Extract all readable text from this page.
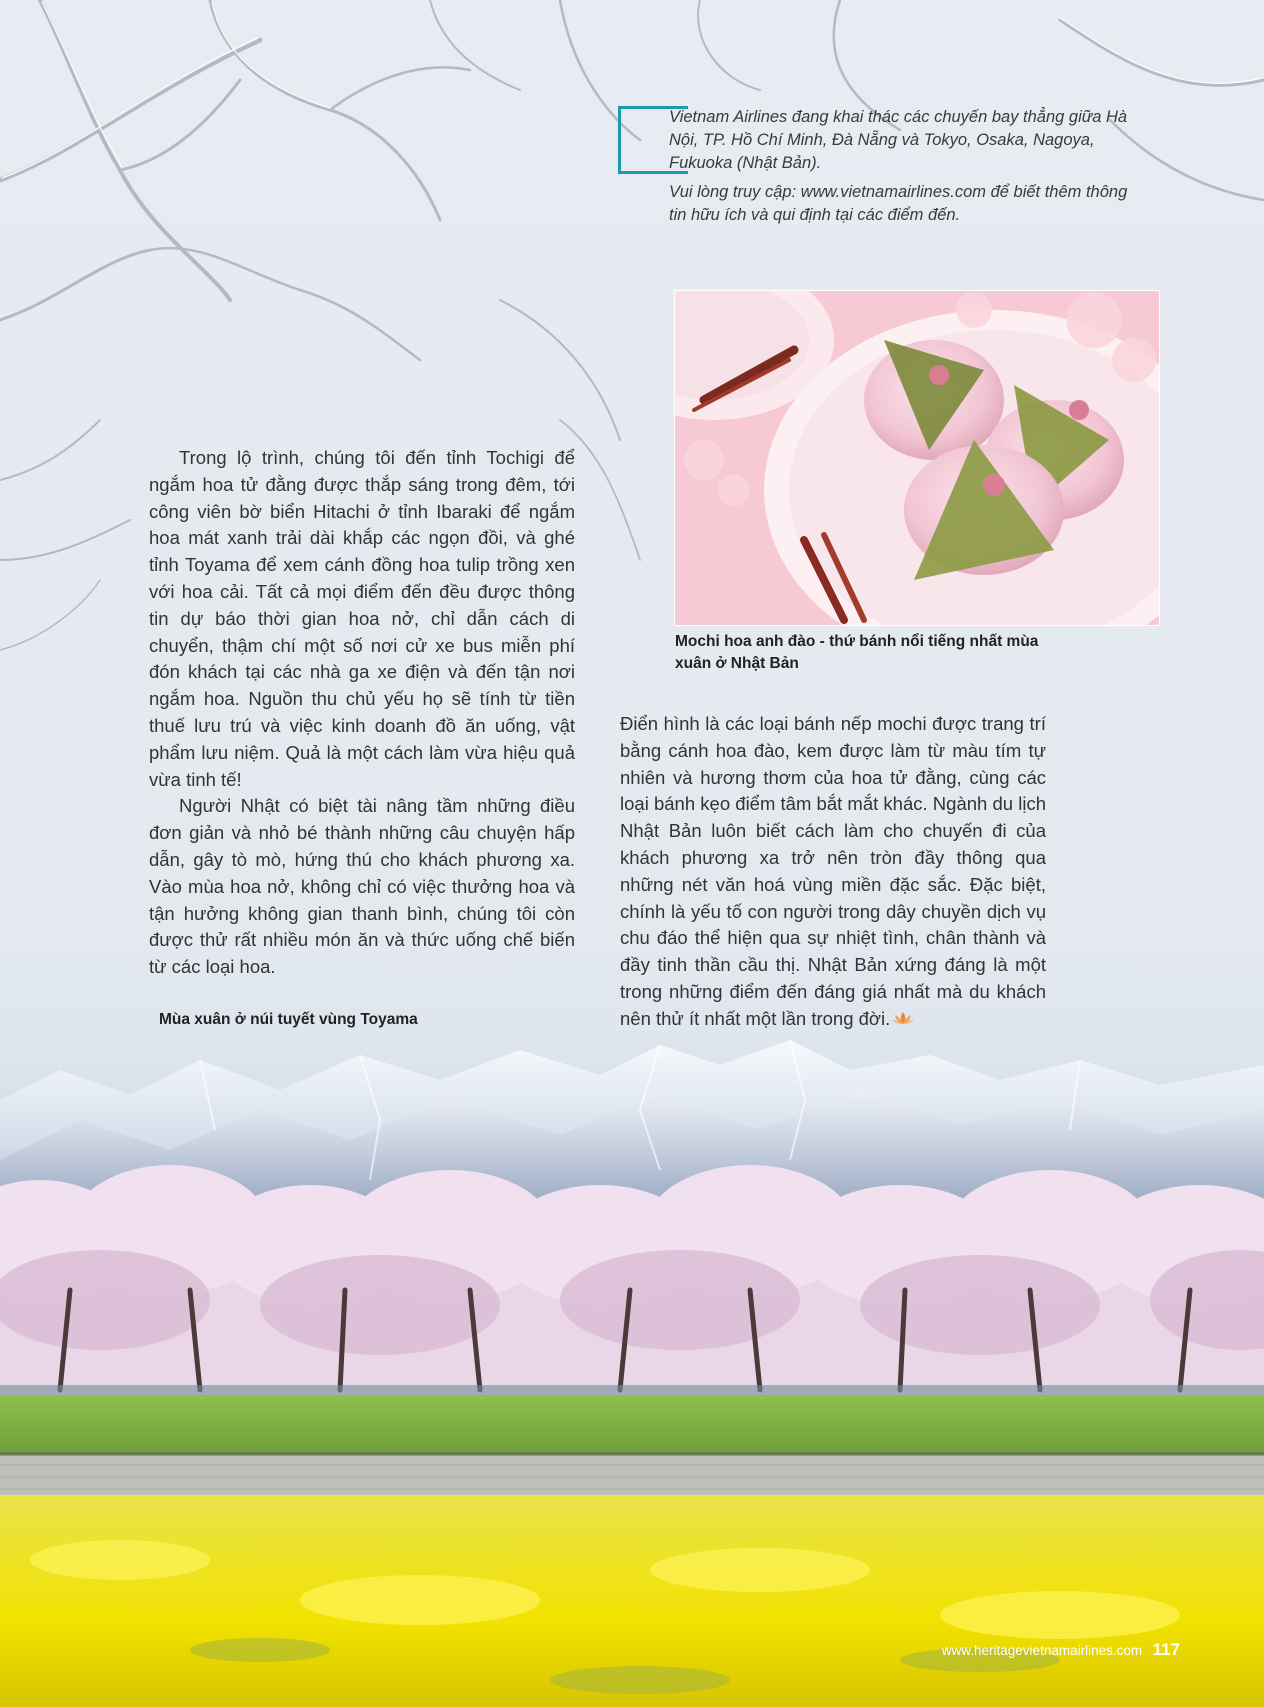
Vietnam Airlines đang khai thác các chuyến bay thẳng giữa Hà Nội, TP. Hồ Chí Minh, Đà Nẵng và Tokyo, Osaka, Nagoya, Fukuoka (Nhật Bản).

Vui lòng truy cập: www.vietnamairlines.com để biết thêm thông tin hữu ích và qui định tại các điểm đến.

Mochi hoa anh đào - thứ bánh nổi tiếng nhất mùa xuân ở Nhật Bản

Trong lộ trình, chúng tôi đến tỉnh Tochigi để ngắm hoa tử đằng được thắp sáng trong đêm, tới công viên bờ biển Hitachi ở tỉnh Ibaraki để ngắm hoa mát xanh trải dài khắp các ngọn đồi, và ghé tỉnh Toyama để xem cánh đồng hoa tulip trồng xen với hoa cải. Tất cả mọi điểm đến đều được thông tin dự báo thời gian hoa nở, chỉ dẫn cách di chuyển, thậm chí một số nơi cử xe bus miễn phí đón khách tại các nhà ga xe điện và đến tận nơi ngắm hoa. Nguồn thu chủ yếu họ sẽ tính từ tiền thuế lưu trú và việc kinh doanh đồ ăn uống, vật phẩm lưu niệm. Quả là một cách làm vừa hiệu quả vừa tinh tế!

Người Nhật có biệt tài nâng tầm những điều đơn giản và nhỏ bé thành những câu chuyện hấp dẫn, gây tò mò, hứng thú cho khách phương xa. Vào mùa hoa nở, không chỉ có việc thưởng hoa và tận hưởng không gian thanh bình, chúng tôi còn được thử rất nhiều món ăn và thức uống chế biến từ các loại hoa.

Điển hình là các loại bánh nếp mochi được trang trí bằng cánh hoa đào, kem được làm từ màu tím tự nhiên và hương thơm của hoa tử đằng, cùng các loại bánh kẹo điểm tâm bắt mắt khác. Ngành du lịch Nhật Bản luôn biết cách làm cho chuyến đi của khách phương xa trở nên tròn đầy thông qua những nét văn hoá vùng miền đặc sắc. Đặc biệt, chính là yếu tố con người trong dây chuyền dịch vụ chu đáo thể hiện qua sự nhiệt tình, chân thành và đầy tinh thần cầu thị. Nhật Bản xứng đáng là một trong những điểm đến đáng giá nhất mà du khách nên thử ít nhất một lần trong đời.

Mùa xuân ở núi tuyết vùng Toyama
www.heritagevietnamairlines.com 117
